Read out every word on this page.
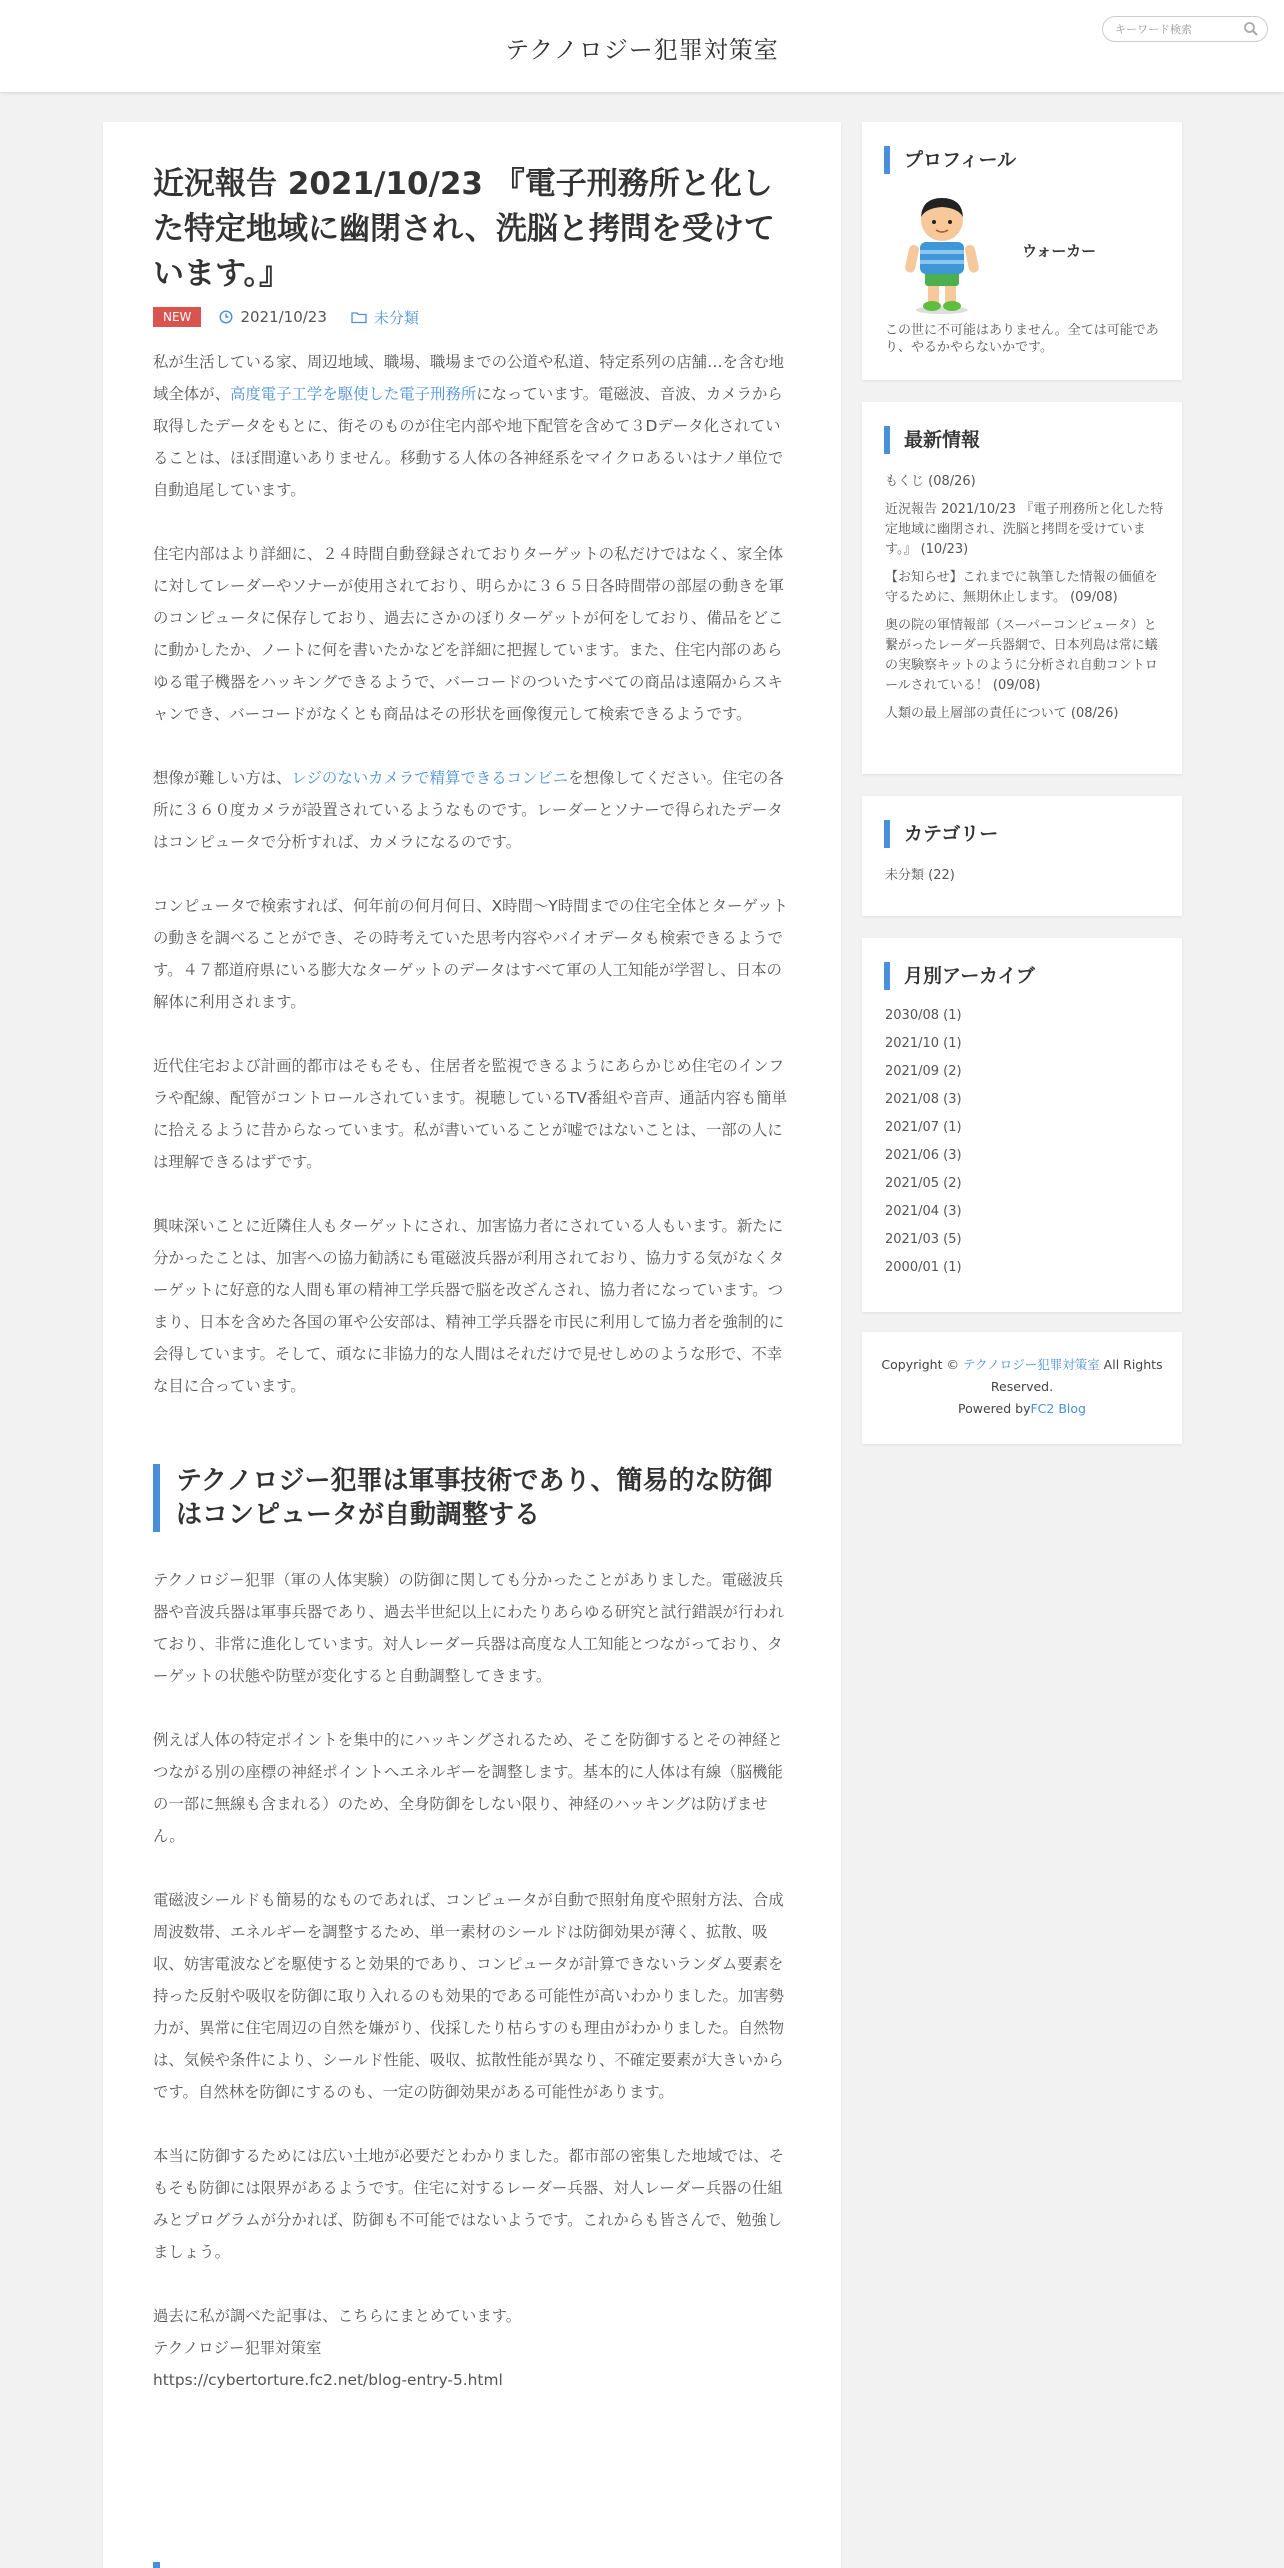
テクノロジー犯罪対策室
キーワード検索
近況報告 2021/10/23 『電子刑務所と化した特定地域に幽閉され、洗脳と拷問を受けています。』
NEW	2021/10/23	未分類

私が生活している家、周辺地域、職場、職場までの公道や私道、特定系列の店舗…を含む地域全体が、高度電子工学を駆使した電子刑務所になっています。電磁波、音波、カメラから取得したデータをもとに、街そのものが住宅内部や地下配管を含めて３Dデータ化されていることは、ほぼ間違いありません。移動する人体の各神経系をマイクロあるいはナノ単位で自動追尾しています。

住宅内部はより詳細に、２４時間自動登録されておりターゲットの私だけではなく、家全体に対してレーダーやソナーが使用されており、明らかに３６５日各時間帯の部屋の動きを軍のコンピュータに保存しており、過去にさかのぼりターゲットが何をしており、備品をどこに動かしたか、ノートに何を書いたかなどを詳細に把握しています。また、住宅内部のあらゆる電子機器をハッキングできるようで、バーコードのついたすべての商品は遠隔からスキャンでき、バーコードがなくとも商品はその形状を画像復元して検索できるようです。

想像が難しい方は、レジのないカメラで精算できるコンビニを想像してください。住宅の各所に３６０度カメラが設置されているようなものです。レーダーとソナーで得られたデータはコンピュータで分析すれば、カメラになるのです。

コンピュータで検索すれば、何年前の何月何日、X時間～Y時間までの住宅全体とターゲットの動きを調べることができ、その時考えていた思考内容やバイオデータも検索できるようです。４７都道府県にいる膨大なターゲットのデータはすべて軍の人工知能が学習し、日本の解体に利用されます。

近代住宅および計画的都市はそもそも、住居者を監視できるようにあらかじめ住宅のインフラや配線、配管がコントロールされています。視聴しているTV番組や音声、通話内容も簡単に拾えるように昔からなっています。私が書いていることが嘘ではないことは、一部の人には理解できるはずです。

興味深いことに近隣住人もターゲットにされ、加害協力者にされている人もいます。新たに分かったことは、加害への協力勧誘にも電磁波兵器が利用されており、協力する気がなくターゲットに好意的な人間も軍の精神工学兵器で脳を改ざんされ、協力者になっています。つまり、日本を含めた各国の軍や公安部は、精神工学兵器を市民に利用して協力者を強制的に会得しています。そして、頑なに非協力的な人間はそれだけで見せしめのような形で、不幸な目に合っています。

テクノロジー犯罪は軍事技術であり、簡易的な防御はコンピュータが自動調整する

テクノロジー犯罪（軍の人体実験）の防御に関しても分かったことがありました。電磁波兵器や音波兵器は軍事兵器であり、過去半世紀以上にわたりあらゆる研究と試行錯誤が行われており、非常に進化しています。対人レーダー兵器は高度な人工知能とつながっており、ターゲットの状態や防壁が変化すると自動調整してきます。

例えば人体の特定ポイントを集中的にハッキングされるため、そこを防御するとその神経とつながる別の座標の神経ポイントへエネルギーを調整します。基本的に人体は有線（脳機能の一部に無線も含まれる）のため、全身防御をしない限り、神経のハッキングは防げません。

電磁波シールドも簡易的なものであれば、コンピュータが自動で照射角度や照射方法、合成周波数帯、エネルギーを調整するため、単一素材のシールドは防御効果が薄く、拡散、吸収、妨害電波などを駆使すると効果的であり、コンピュータが計算できないランダム要素を持った反射や吸収を防御に取り入れるのも効果的である可能性が高いわかりました。加害勢力が、異常に住宅周辺の自然を嫌がり、伐採したり枯らすのも理由がわかりました。自然物は、気候や条件により、シールド性能、吸収、拡散性能が異なり、不確定要素が大きいからです。自然林を防御にするのも、一定の防御効果がある可能性があります。

本当に防御するためには広い土地が必要だとわかりました。都市部の密集した地域では、そもそも防御には限界があるようです。住宅に対するレーダー兵器、対人レーダー兵器の仕組みとプログラムが分かれば、防御も不可能ではないようです。これからも皆さんで、勉強しましょう。

過去に私が調べた記事は、こちらにまとめています。
テクノロジー犯罪対策室
https://cybertorture.fc2.net/blog-entry-5.html
プロフィール
ウォーカー

この世に不可能はありません。全ては可能であり、やるかやらないかです。

最新情報
もくじ (08/26)
近況報告 2021/10/23 『電子刑務所と化した特定地域に幽閉され、洗脳と拷問を受けています。』 (10/23)
【お知らせ】これまでに執筆した情報の価値を守るために、無期休止します。 (09/08)
奥の院の軍情報部（スーパーコンピュータ）と繋がったレーダー兵器網で、日本列島は常に蟻の実験察キットのように分析され自動コントロールされている！ (09/08)
人類の最上層部の責任について (08/26)
カテゴリー
未分類 (22)
月別アーカイブ
2030/08 (1)
2021/10 (1)
2021/09 (2)
2021/08 (3)
2021/07 (1)
2021/06 (3)
2021/05 (2)
2021/04 (3)
2021/03 (5)
2000/01 (1)
Copyright © テクノロジー犯罪対策室 All Rights Reserved.
Powered byFC2 Blog
